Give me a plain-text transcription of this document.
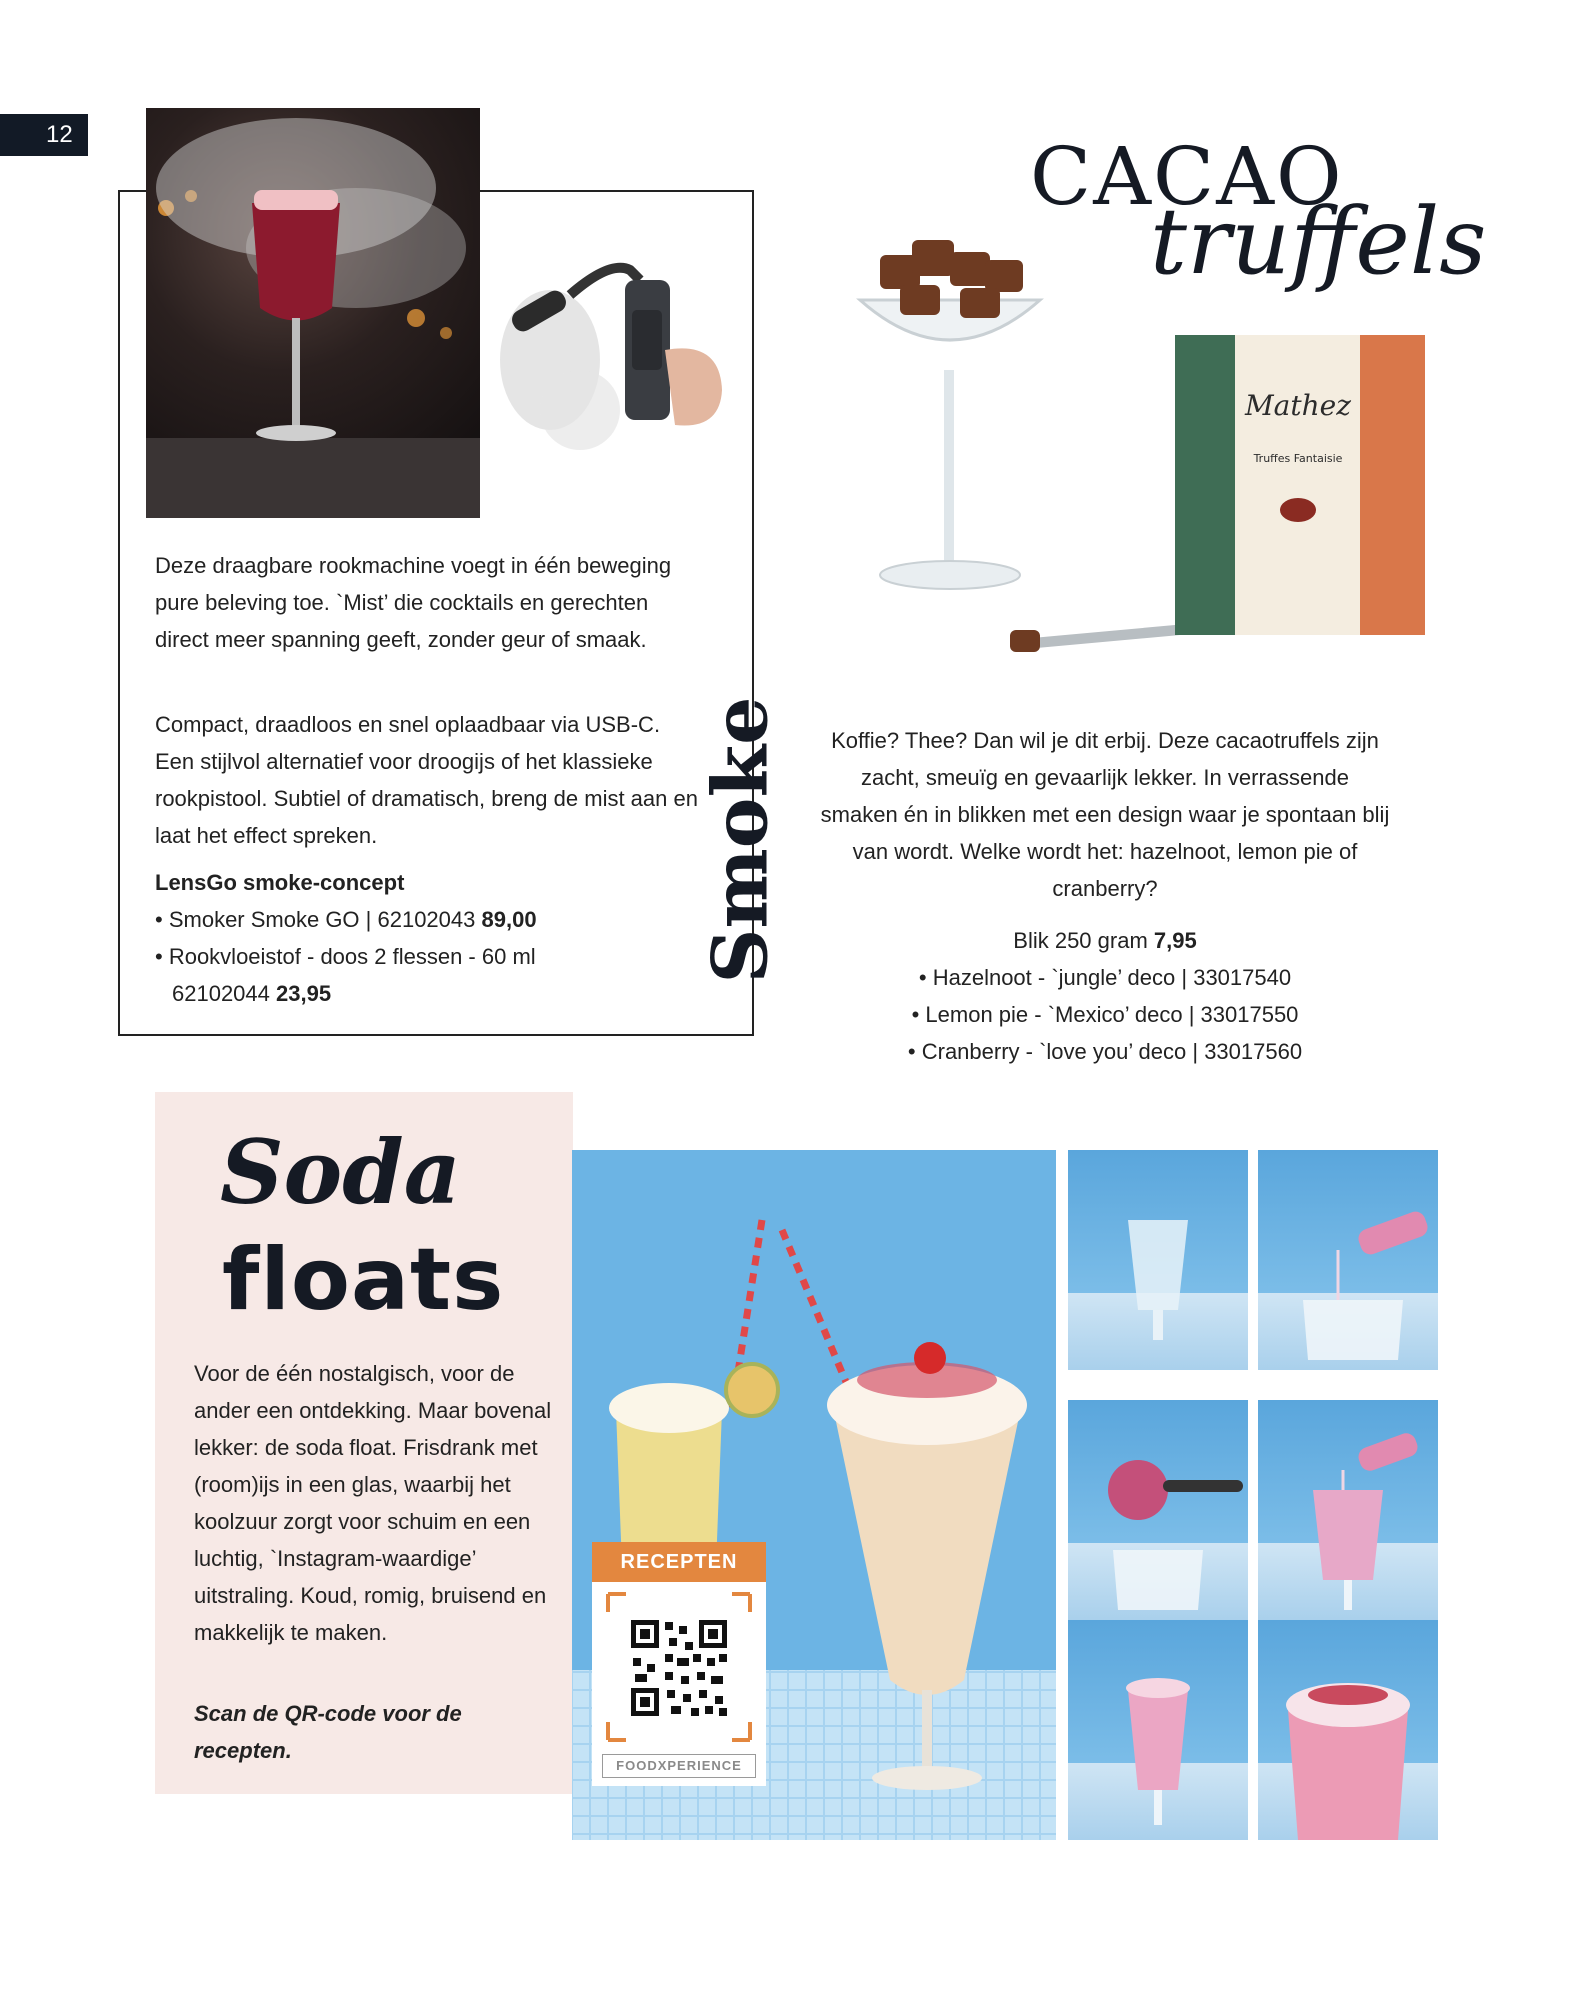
12
Deze draagbare rookmachine voegt in één beweging pure beleving toe. `Mist’ die cocktails en gerechten direct meer spanning geeft, zonder geur of smaak.
Compact, draadloos en snel oplaadbaar via USB-C. Een stijlvol alternatief voor droogijs of het klassieke rookpistool. Subtiel of dramatisch, breng de mist aan en laat het effect spreken.
LensGo smoke-concept
• Smoker Smoke GO | 62102043 89,00
• Rookvloeistof - doos 2 flessen - 60 ml
62102044 23,95
Smoke
Mathez
Truffes Fantaisie
CACAO
truffels
Koffie? Thee? Dan wil je dit erbij. Deze cacaotruffels zijn zacht, smeuïg en gevaarlijk lekker. In verrassende smaken én in blikken met een design waar je spontaan blij van wordt. Welke wordt het: hazelnoot, lemon pie of cranberry?
Blik 250 gram 7,95
• Hazelnoot - `jungle’ deco | 33017540
• Lemon pie - `Mexico’ deco | 33017550
• Cranberry - `love you’ deco | 33017560
Soda
floats
Voor de één nostalgisch, voor de ander een ontdekking. Maar bovenal lekker: de soda float. Frisdrank met (room)ijs in een glas, waarbij het koolzuur zorgt voor schuim en een luchtig, `Instagram-waardige’ uitstraling. Koud, romig, bruisend en makkelijk te maken.
Scan de QR-code voor de recepten.
RECEPTEN
FOODXPERIENCE
